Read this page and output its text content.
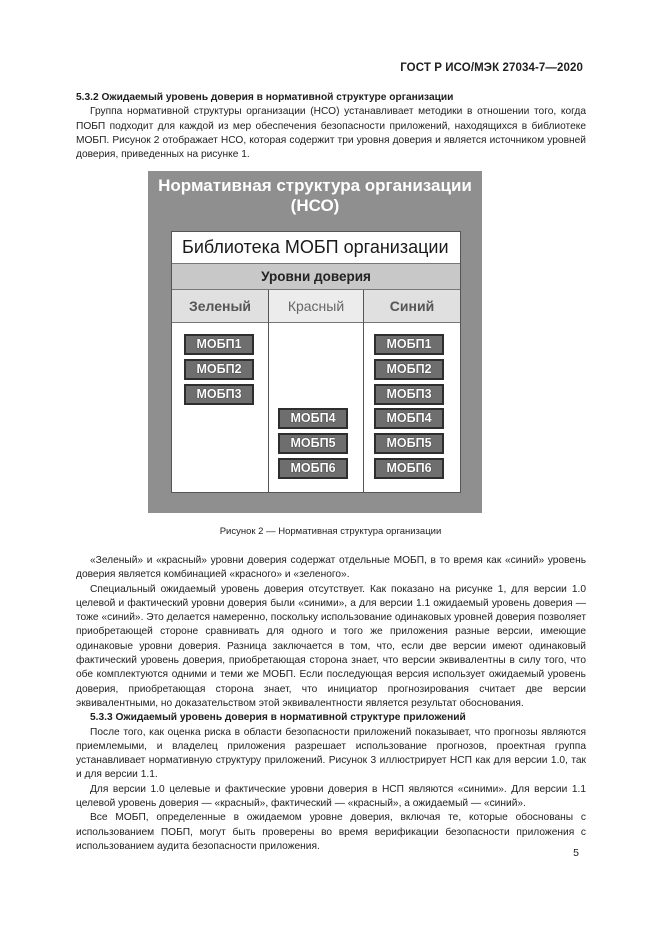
ГОСТ Р ИСО/МЭК 27034-7—2020

5.3.2 Ожидаемый уровень доверия в нормативной структуре организации

Группа нормативной структуры организации (НСО) устанавливает методики в отношении того, когда ПОБП подходит для каждой из мер обеспечения безопасности приложений, находящихся в библиотеке МОБП. Рисунок 2 отображает НСО, которая содержит три уровня доверия и является источником уровней доверия, приведенных на рисунке 1.

Нормативная структура организации
(НСО)
Библиотека МОБП организации
Уровни доверия
Зеленый	Красный	Синий
МОБП1
МОБП2
МОБП3
МОБП4
МОБП5
МОБП6
МОБП1
МОБП2
МОБП3
МОБП4
МОБП5
МОБП6
Рисунок 2 — Нормативная структура организации

«Зеленый» и «красный» уровни доверия содержат отдельные МОБП, в то время как «синий» уровень доверия является комбинацией «красного» и «зеленого».

Специальный ожидаемый уровень доверия отсутствует. Как показано на рисунке 1, для версии 1.0 целевой и фактический уровни доверия были «синими», а для версии 1.1 ожидаемый уровень доверия — тоже «синий». Это делается намеренно, поскольку использование одинаковых уровней доверия позволяет приобретающей стороне сравнивать для одного и того же приложения разные версии, имеющие одинаковые уровни доверия. Разница заключается в том, что, если две версии имеют одинаковый фактический уровень доверия, приобретающая сторона знает, что версии эквивалентны в силу того, что обе комплектуются одними и теми же МОБП. Если последующая версия использует ожидаемый уровень доверия, приобретающая сторона знает, что инициатор прогнозирования считает две версии эквивалентными, но доказательством этой эквивалентности является результат обоснования.

5.3.3 Ожидаемый уровень доверия в нормативной структуре приложений

После того, как оценка риска в области безопасности приложений показывает, что прогнозы являются приемлемыми, и владелец приложения разрешает использование прогнозов, проектная группа устанавливает нормативную структуру приложений. Рисунок 3 иллюстрирует НСП как для версии 1.0, так и для версии 1.1.

Для версии 1.0 целевые и фактические уровни доверия в НСП являются «синими». Для версии 1.1 целевой уровень доверия — «красный», фактический — «красный», а ожидаемый — «синий».

Все МОБП, определенные в ожидаемом уровне доверия, включая те, которые обоснованы с использованием ПОБП, могут быть проверены во время верификации безопасности приложения с использованием аудита безопасности приложения.

5
